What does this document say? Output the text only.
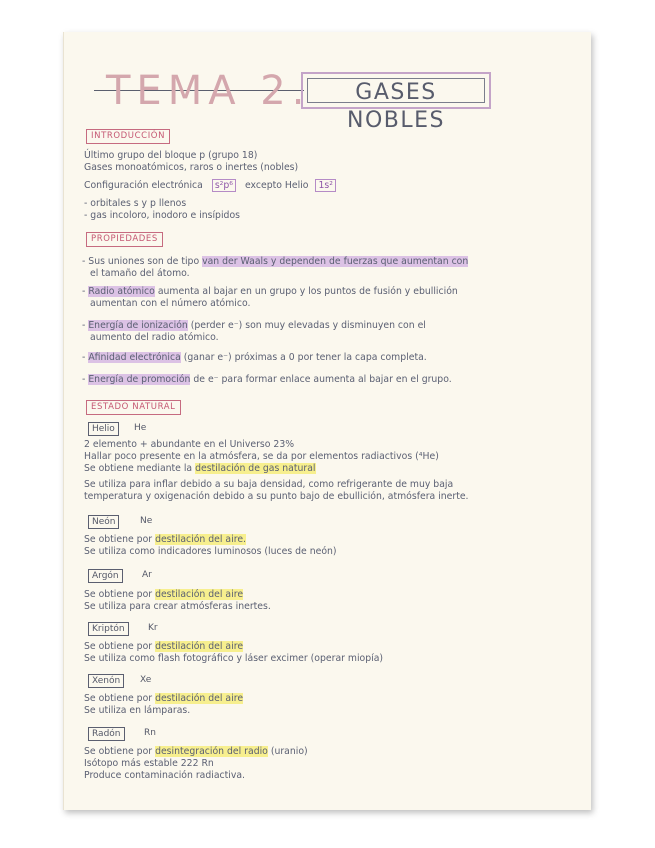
TEMA 2.	GASES NOBLES
INTRODUCCIÓN
Último grupo del bloque p (grupo 18)
Gases monoatómicos, raros o inertes (nobles)
Configuración electrónica s²p⁶ excepto Helio 1s²
- orbitales s y p llenos
- gas incoloro, inodoro e insípidos
PROPIEDADES
- Sus uniones son de tipo van der Waals y dependen de fuerzas que aumentan con
el tamaño del átomo.
- Radio atómico aumenta al bajar en un grupo y los puntos de fusión y ebullición
aumentan con el número atómico.
- Energía de ionización (perder e⁻) son muy elevadas y disminuyen con el
aumento del radio atómico.
- Afinidad electrónica (ganar e⁻) próximas a 0 por tener la capa completa.
- Energía de promoción de e⁻ para formar enlace aumenta al bajar en el grupo.
ESTADO NATURAL
Helio	He
2 elemento + abundante en el Universo 23%
Hallar poco presente en la atmósfera, se da por elementos radiactivos (⁴He)
Se obtiene mediante la destilación de gas natural
Se utiliza para inflar debido a su baja densidad, como refrigerante de muy baja
temperatura y oxigenación debido a su punto bajo de ebullición, atmósfera inerte.
Neón	Ne
Se obtiene por destilación del aire.
Se utiliza como indicadores luminosos (luces de neón)
Argón	Ar
Se obtiene por destilación del aire
Se utiliza para crear atmósferas inertes.
Kriptón	Kr
Se obtiene por destilación del aire
Se utiliza como flash fotográfico y láser excimer (operar miopía)
Xenón	Xe
Se obtiene por destilación del aire
Se utiliza en lámparas.
Radón	Rn
Se obtiene por desintegración del radio (uranio)
Isótopo más estable 222 Rn
Produce contaminación radiactiva.
